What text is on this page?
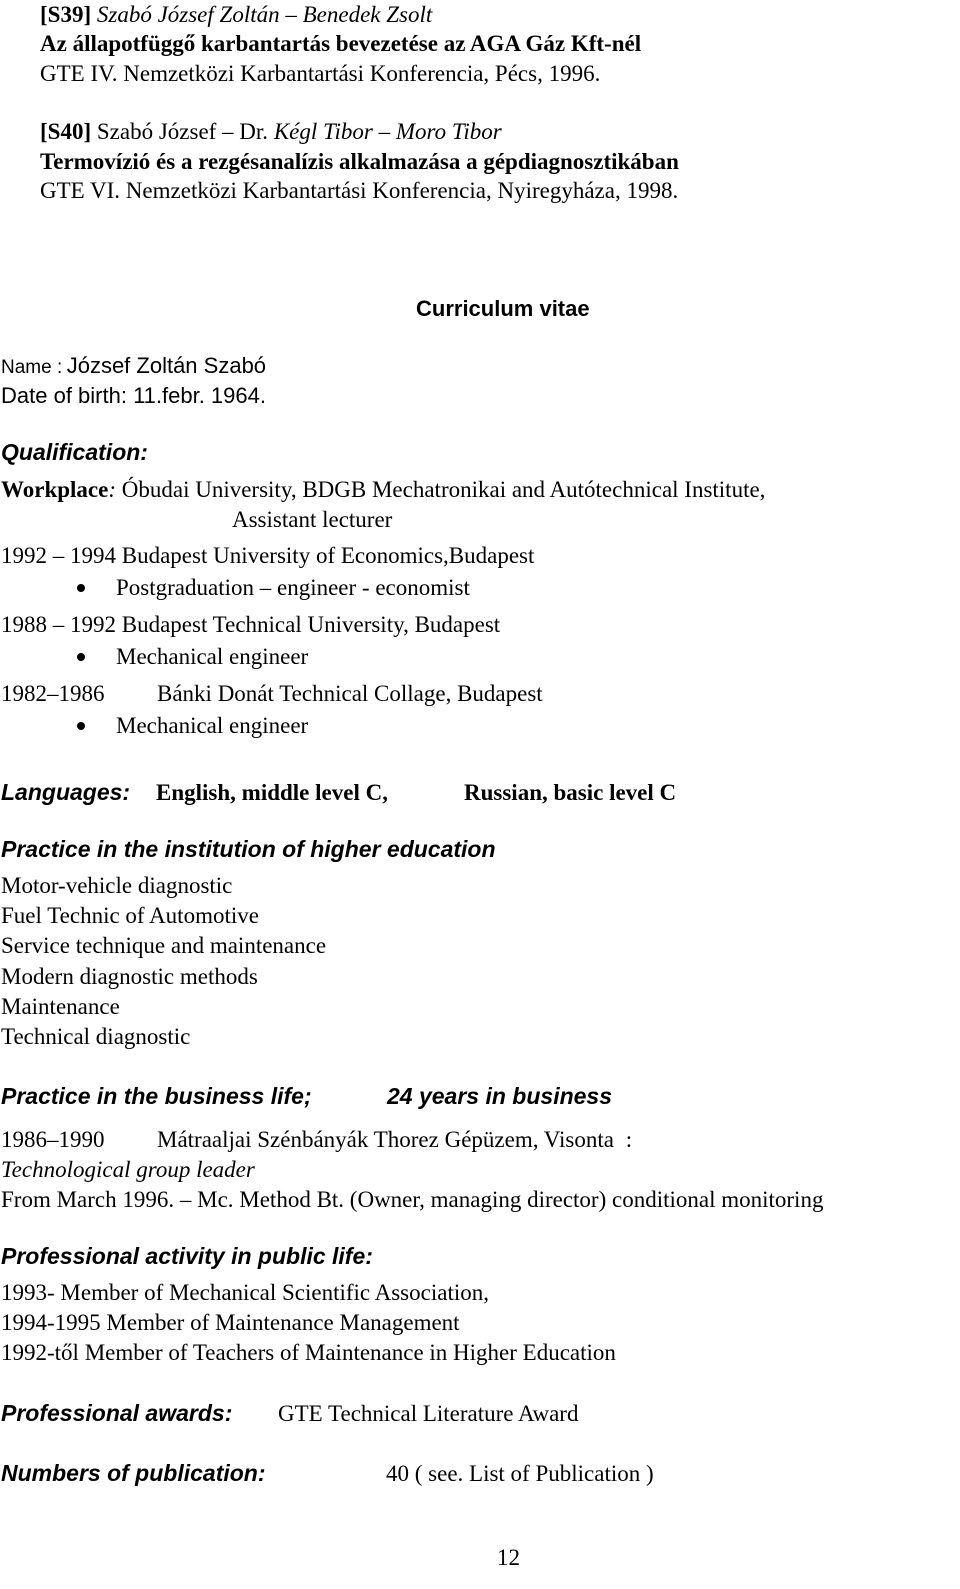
[S39] Szabó József Zoltán – Benedek Zsolt
Az állapotfüggő karbantartás bevezetése az AGA Gáz Kft-nél
GTE IV. Nemzetközi Karbantartási Konferencia, Pécs, 1996.
[S40] Szabó József – Dr. Kégl Tibor – Moro Tibor
Termovízió és a rezgésanalízis alkalmazása a gépdiagnosztikában
GTE VI. Nemzetközi Karbantartási Konferencia, Nyiregyháza, 1998.
Curriculum vitae
Name : József Zoltán Szabó
Date of birth: 11.febr. 1964.
Qualification:
Workplace: Óbudai University, BDGB Mechatronikai and Autótechnical Institute,
Assistant lecturer
1992 – 1994 Budapest University of Economics,Budapest
Postgraduation – engineer - economist
1988 – 1992 Budapest Technical University, Budapest
Mechanical engineer
1982–1986 Bánki Donát Technical Collage, Budapest
Mechanical engineer
Languages: English, middle level C,	Russian, basic level C
Practice in the institution of higher education
Motor-vehicle diagnostic
Fuel Technic of Automotive
Service technique and maintenance
Modern diagnostic methods
Maintenance
Technical diagnostic
Practice in the business life;	24 years in business
1986–1990 Mátraaljai Szénbányák Thorez Gépüzem, Visonta :
Technological group leader
From March 1996. – Mc. Method Bt. (Owner, managing director) conditional monitoring
Professional activity in public life:
1993- Member of Mechanical Scientific Association,
1994-1995 Member of Maintenance Management
1992-től Member of Teachers of Maintenance in Higher Education
Professional awards: GTE Technical Literature Award
Numbers of publication:	40 ( see. List of Publication )
12
